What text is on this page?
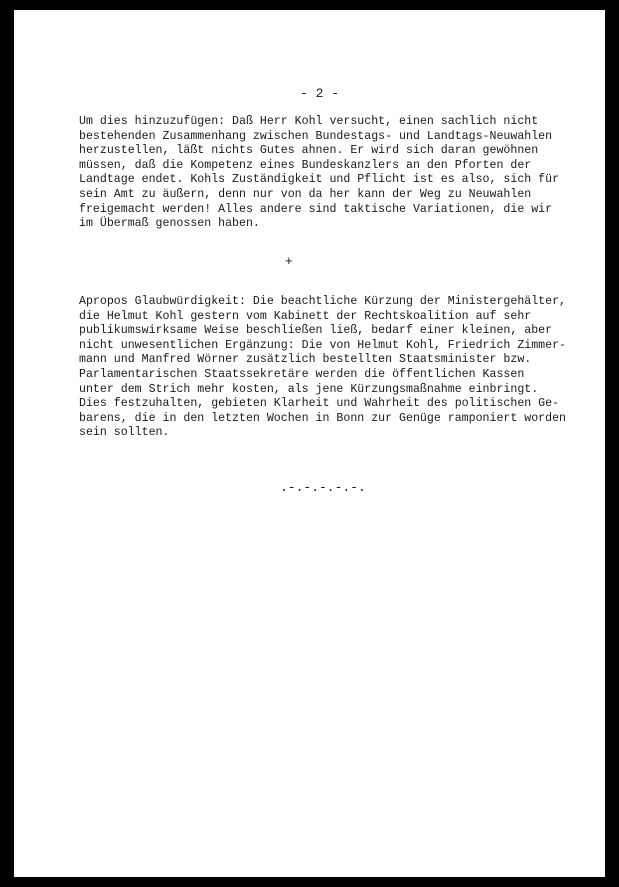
- 2 -
Um dies hinzuzufügen: Daß Herr Kohl versucht, einen sachlich nicht
bestehenden Zusammenhang zwischen Bundestags- und Landtags-Neuwahlen
herzustellen, läßt nichts Gutes ahnen. Er wird sich daran gewöhnen
müssen, daß die Kompetenz eines Bundeskanzlers an den Pforten der
Landtage endet. Kohls Zuständigkeit und Pflicht ist es also, sich für
sein Amt zu äußern, denn nur von da her kann der Weg zu Neuwahlen
freigemacht werden! Alles andere sind taktische Variationen, die wir
im Übermaß genossen haben.
+
Apropos Glaubwürdigkeit: Die beachtliche Kürzung der Ministergehälter,
die Helmut Kohl gestern vom Kabinett der Rechtskoalition auf sehr
publikumswirksame Weise beschließen ließ, bedarf einer kleinen, aber
nicht unwesentlichen Ergänzung: Die von Helmut Kohl, Friedrich Zimmer-
mann und Manfred Wörner zusätzlich bestellten Staatsminister bzw.
Parlamentarischen Staatssekretäre werden die öffentlichen Kassen
unter dem Strich mehr kosten, als jene Kürzungsmaßnahme einbringt.
Dies festzuhalten, gebieten Klarheit und Wahrheit des politischen Ge-
barens, die in den letzten Wochen in Bonn zur Genüge ramponiert worden
sein sollten.
.-.-.-.-.-.
